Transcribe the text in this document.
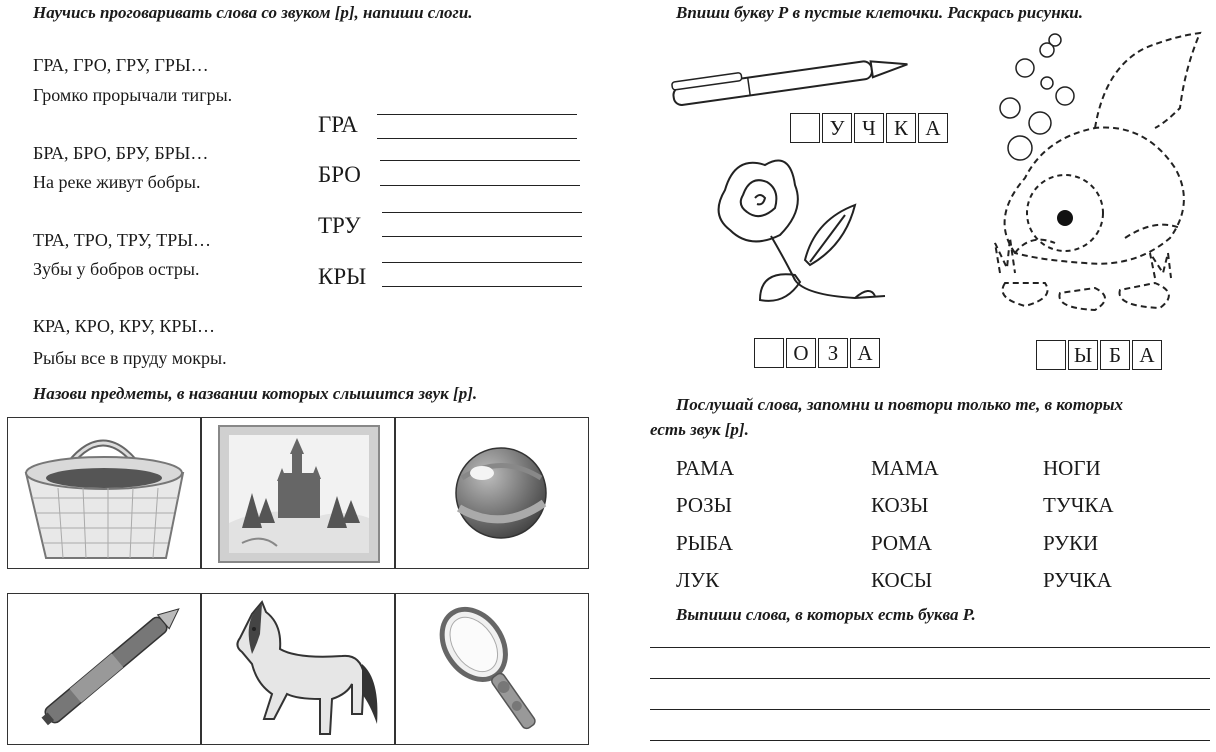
Научись проговаривать слова со звуком [р], напиши слоги.
ГРА, ГРО, ГРУ, ГРЫ…
Громко прорычали тигры.
БРА, БРО, БРУ, БРЫ…
На реке живут бобры.
ТРА, ТРО, ТРУ, ТРЫ…
Зубы у бобров остры.
КРА, КРО, КРУ, КРЫ…
Рыбы все в пруду мокры.
ГРА
БРО
ТРУ
КРЫ
Назови предметы, в названии которых слышится звук [р].
Впиши букву Р в пустые клеточки. Раскрась рисунки.
У Ч К А
О З А	Ы Б А
Послушай слова, запомни и повтори только те, в которых
есть звук [р].
РАМА	МАМА	НОГИ
РОЗЫ	КОЗЫ	ТУЧКА
РЫБА	РОМА	РУКИ
ЛУК	КОСЫ	РУЧКА
Выпиши слова, в которых есть буква Р.
